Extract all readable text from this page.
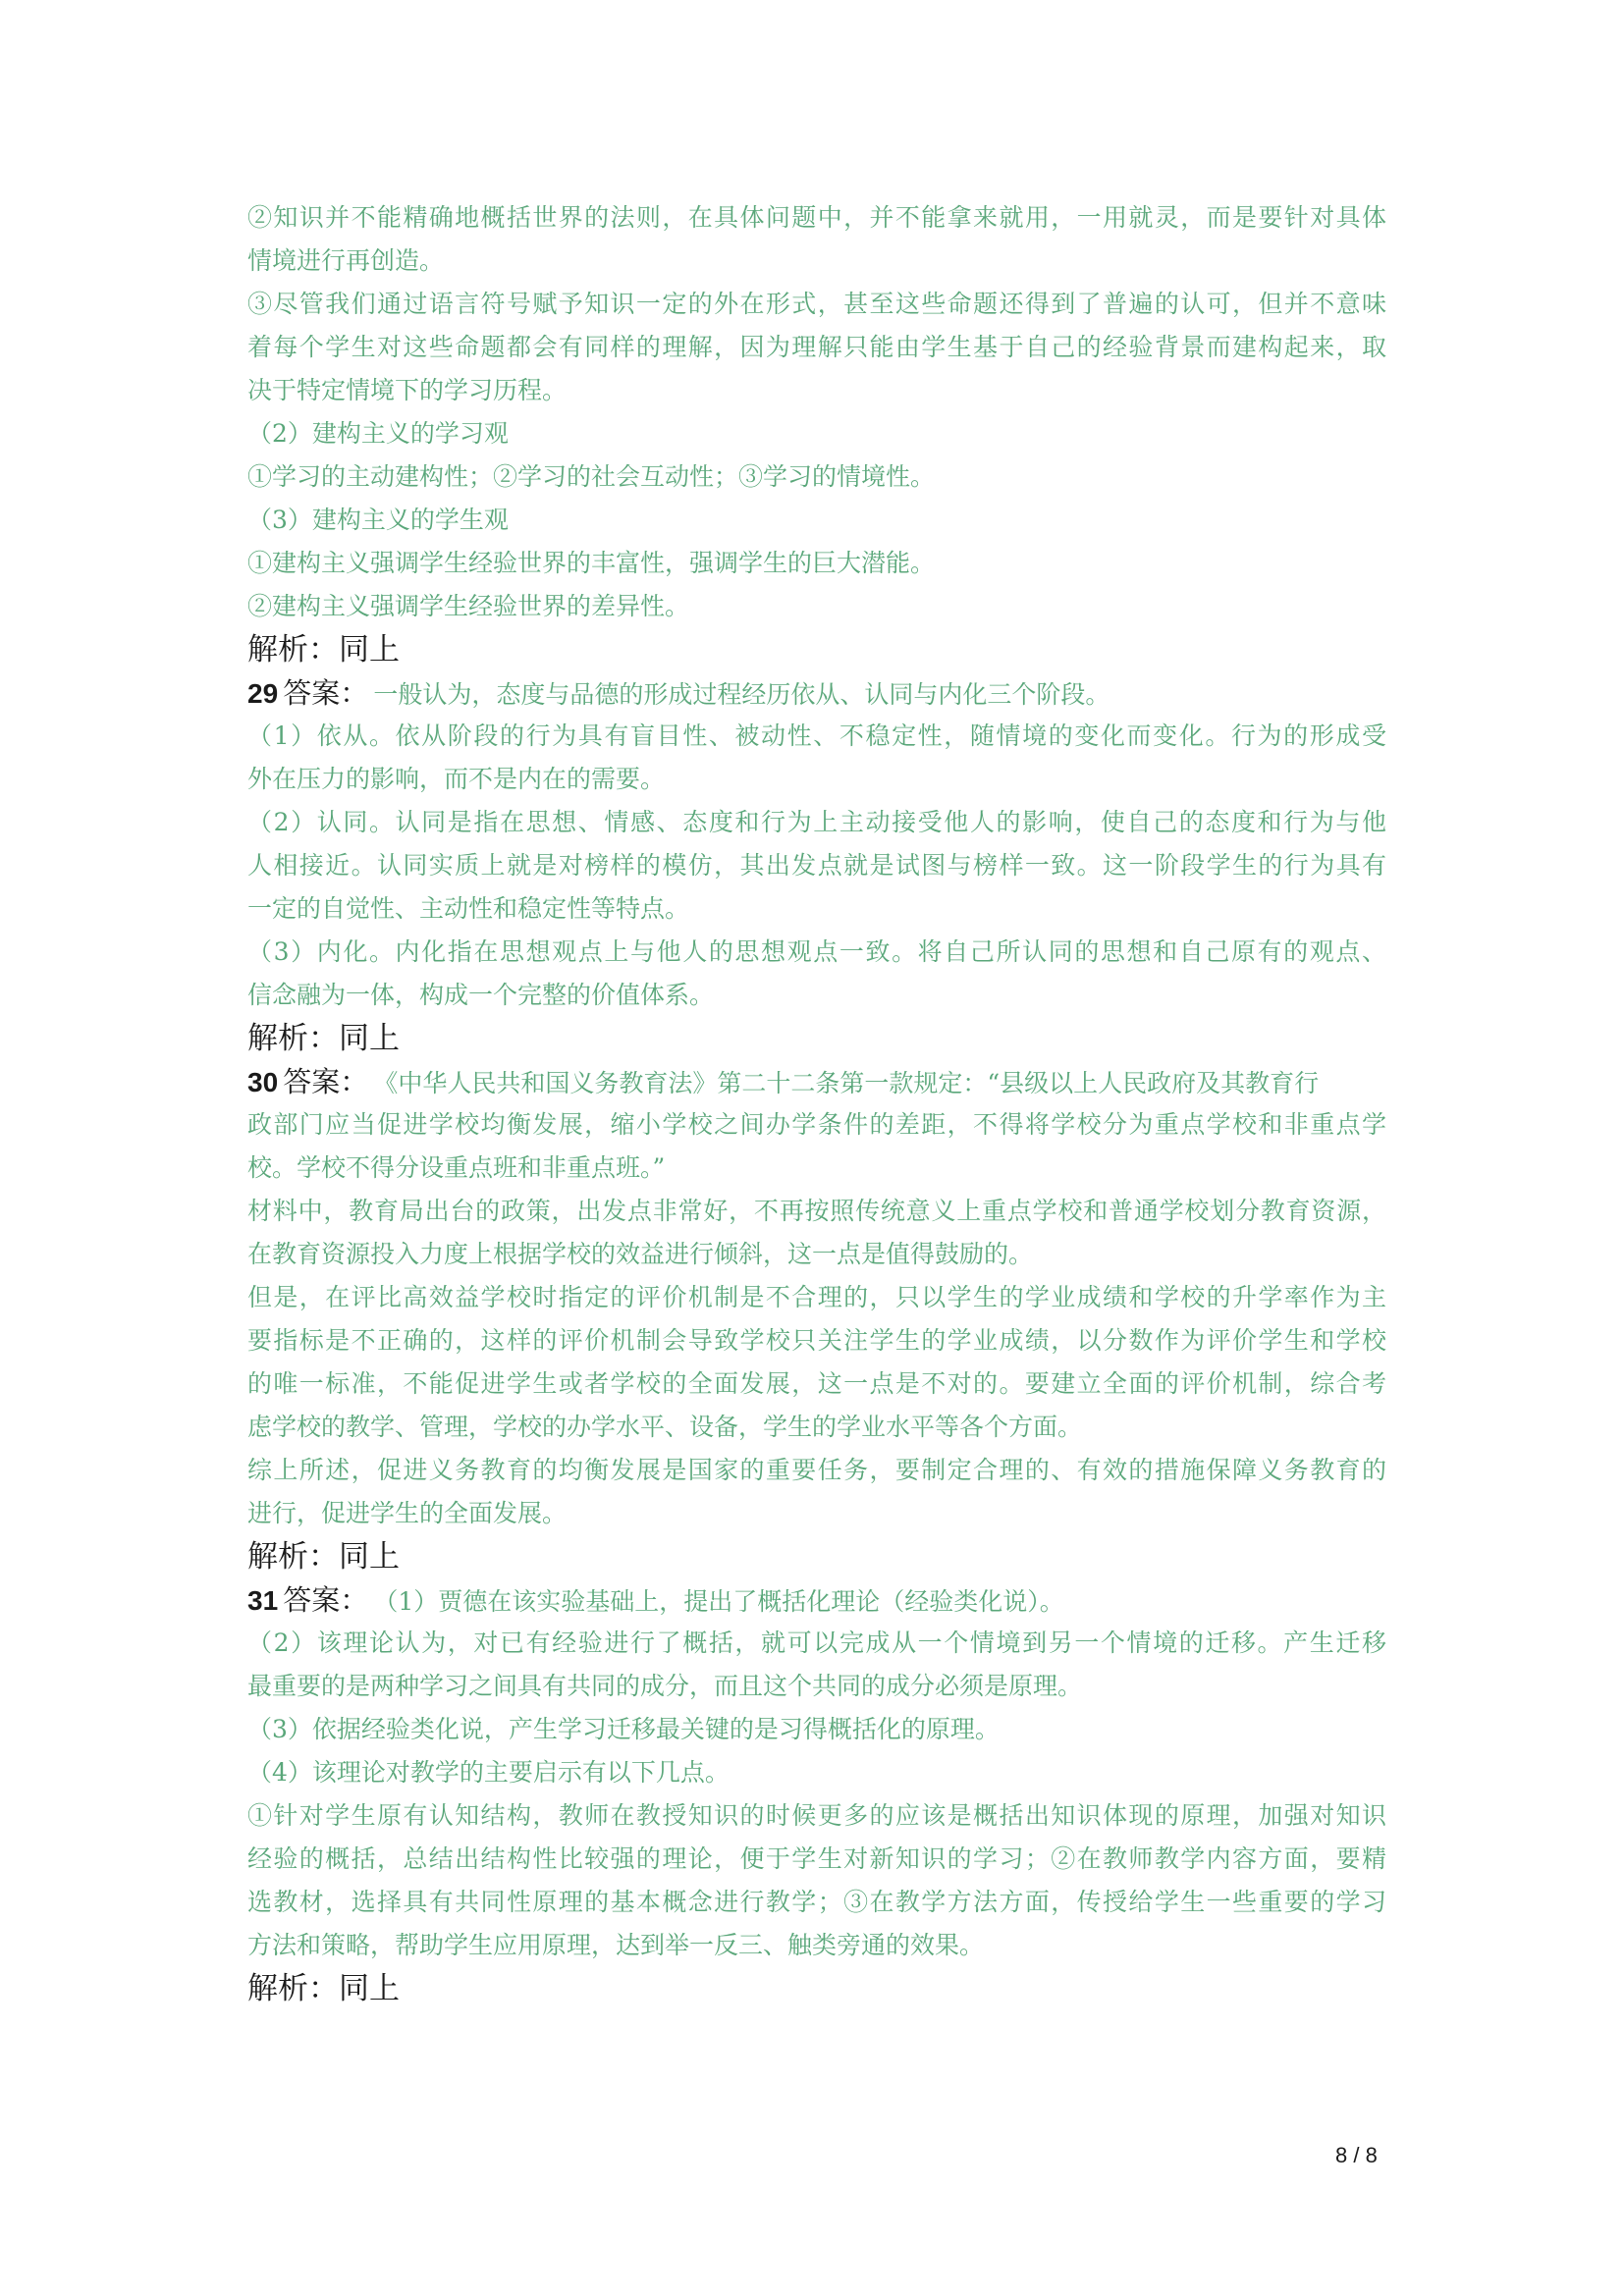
②知识并不能精确地概括世界的法则，在具体问题中，并不能拿来就用，一用就灵，而是要针对具体
情境进行再创造。
③尽管我们通过语言符号赋予知识一定的外在形式，甚至这些命题还得到了普遍的认可，但并不意味
着每个学生对这些命题都会有同样的理解，因为理解只能由学生基于自己的经验背景而建构起来，取
决于特定情境下的学习历程。
（2）建构主义的学习观
①学习的主动建构性；②学习的社会互动性；③学习的情境性。
（3）建构主义的学生观
①建构主义强调学生经验世界的丰富性，强调学生的巨大潜能。
②建构主义强调学生经验世界的差异性。
解析：同上
29 答案： 一般认为，态度与品德的形成过程经历依从、认同与内化三个阶段。
（1）依从。依从阶段的行为具有盲目性、被动性、不稳定性，随情境的变化而变化。行为的形成受
外在压力的影响，而不是内在的需要。
（2）认同。认同是指在思想、情感、态度和行为上主动接受他人的影响，使自己的态度和行为与他
人相接近。认同实质上就是对榜样的模仿，其出发点就是试图与榜样一致。这一阶段学生的行为具有
一定的自觉性、主动性和稳定性等特点。
（3）内化。内化指在思想观点上与他人的思想观点一致。将自己所认同的思想和自己原有的观点、
信念融为一体，构成一个完整的价值体系。
解析：同上
30 答案： 《中华人民共和国义务教育法》第二十二条第一款规定：“县级以上人民政府及其教育行
政部门应当促进学校均衡发展，缩小学校之间办学条件的差距，不得将学校分为重点学校和非重点学
校。学校不得分设重点班和非重点班。”
材料中，教育局出台的政策，出发点非常好，不再按照传统意义上重点学校和普通学校划分教育资源，
在教育资源投入力度上根据学校的效益进行倾斜，这一点是值得鼓励的。
但是，在评比高效益学校时指定的评价机制是不合理的，只以学生的学业成绩和学校的升学率作为主
要指标是不正确的，这样的评价机制会导致学校只关注学生的学业成绩，以分数作为评价学生和学校
的唯一标准，不能促进学生或者学校的全面发展，这一点是不对的。要建立全面的评价机制，综合考
虑学校的教学、管理，学校的办学水平、设备，学生的学业水平等各个方面。
综上所述，促进义务教育的均衡发展是国家的重要任务，要制定合理的、有效的措施保障义务教育的
进行，促进学生的全面发展。
解析：同上
31 答案： （1）贾德在该实验基础上，提出了概括化理论（经验类化说）。
（2）该理论认为，对已有经验进行了概括，就可以完成从一个情境到另一个情境的迁移。产生迁移
最重要的是两种学习之间具有共同的成分，而且这个共同的成分必须是原理。
（3）依据经验类化说，产生学习迁移最关键的是习得概括化的原理。
（4）该理论对教学的主要启示有以下几点。
①针对学生原有认知结构，教师在教授知识的时候更多的应该是概括出知识体现的原理，加强对知识
经验的概括，总结出结构性比较强的理论，便于学生对新知识的学习；②在教师教学内容方面，要精
选教材，选择具有共同性原理的基本概念进行教学；③在教学方法方面，传授给学生一些重要的学习
方法和策略，帮助学生应用原理，达到举一反三、触类旁通的效果。
解析：同上
8 / 8
